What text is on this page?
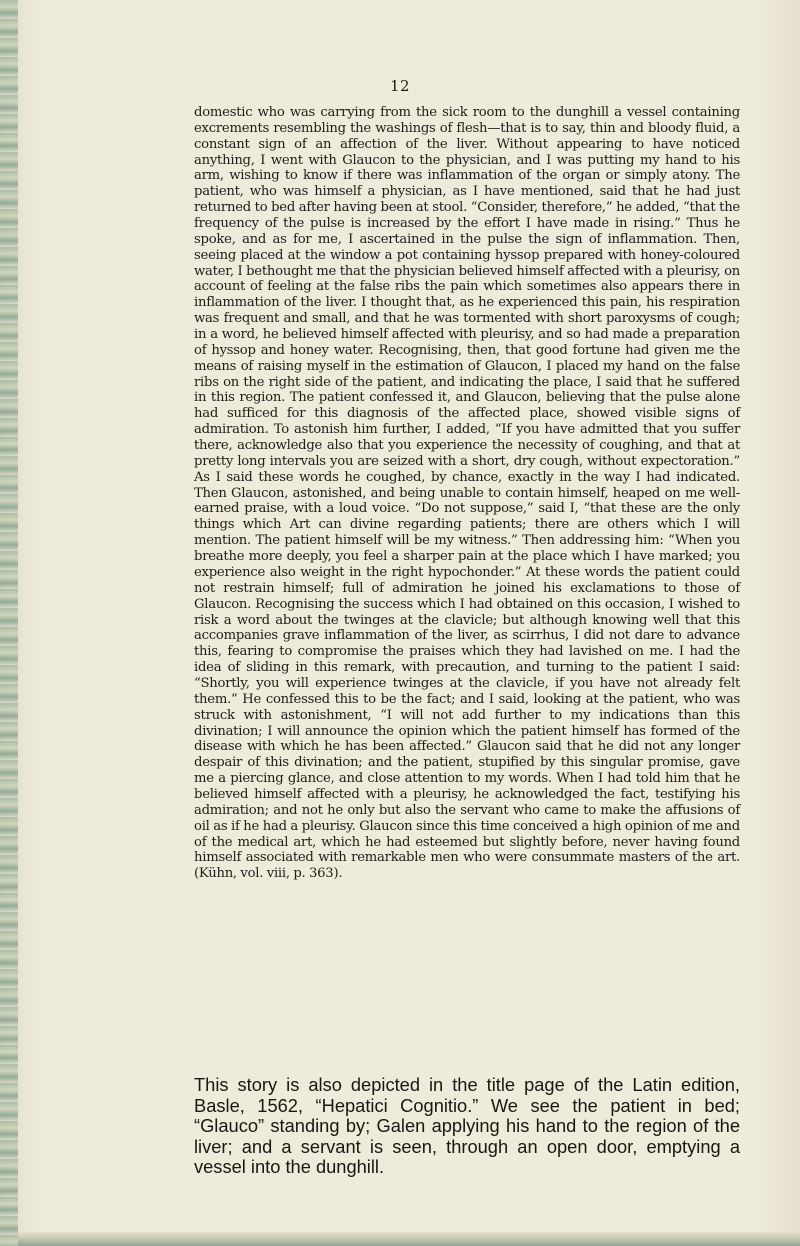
12

domestic who was carrying from the sick room to the dunghill a vessel containing excrements resembling the washings of flesh—that is to say, thin and bloody fluid, a constant sign of an affection of the liver. Without appearing to have noticed anything, I went with Glaucon to the physician, and I was putting my hand to his arm, wishing to know if there was inflammation of the organ or simply atony. The patient, who was himself a physician, as I have mentioned, said that he had just returned to bed after having been at stool. “Consider, therefore,” he added, “that the frequency of the pulse is increased by the effort I have made in rising.” Thus he spoke, and as for me, I ascertained in the pulse the sign of inflammation. Then, seeing placed at the window a pot containing hyssop prepared with honey-coloured water, I bethought me that the physician believed himself affected with a pleurisy, on account of feeling at the false ribs the pain which sometimes also appears there in inflammation of the liver. I thought that, as he experienced this pain, his respiration was frequent and small, and that he was tormented with short paroxysms of cough; in a word, he believed himself affected with pleurisy, and so had made a preparation of hyssop and honey water. Recognising, then, that good fortune had given me the means of raising myself in the estimation of Glaucon, I placed my hand on the false ribs on the right side of the patient, and indicating the place, I said that he suffered in this region. The patient confessed it, and Glaucon, believing that the pulse alone had sufficed for this diagnosis of the affected place, showed visible signs of admiration. To astonish him further, I added, “If you have admitted that you suffer there, acknowledge also that you experience the necessity of coughing, and that at pretty long intervals you are seized with a short, dry cough, without expectoration.” As I said these words he coughed, by chance, exactly in the way I had indicated. Then Glaucon, astonished, and being unable to contain himself, heaped on me well-earned praise, with a loud voice. “Do not suppose,” said I, “that these are the only things which Art can divine regarding patients; there are others which I will mention. The patient himself will be my witness.” Then addressing him: “When you breathe more deeply, you feel a sharper pain at the place which I have marked; you experience also weight in the right hypochonder.” At these words the patient could not restrain himself; full of admiration he joined his exclamations to those of Glaucon. Recognising the success which I had obtained on this occasion, I wished to risk a word about the twinges at the clavicle; but although knowing well that this accompanies grave inflammation of the liver, as scirrhus, I did not dare to advance this, fearing to compromise the praises which they had lavished on me. I had the idea of sliding in this remark, with precaution, and turning to the patient I said: “Shortly, you will experience twinges at the clavicle, if you have not already felt them.” He confessed this to be the fact; and I said, looking at the patient, who was struck with astonishment, “I will not add further to my indications than this divination; I will announce the opinion which the patient himself has formed of the disease with which he has been affected.” Glaucon said that he did not any longer despair of this divination; and the patient, stupified by this singular promise, gave me a piercing glance, and close attention to my words. When I had told him that he believed himself affected with a pleurisy, he acknowledged the fact, testifying his admiration; and not he only but also the servant who came to make the affusions of oil as if he had a pleurisy. Glaucon since this time conceived a high opinion of me and of the medical art, which he had esteemed but slightly before, never having found himself associated with remarkable men who were consummate masters of the art. (Kühn, vol. viii, p. 363).

This story is also depicted in the title page of the Latin edition, Basle, 1562, “Hepatici Cognitio.” We see the patient in bed; “Glauco” standing by; Galen applying his hand to the region of the liver; and a servant is seen, through an open door, emptying a vessel into the dunghill.
